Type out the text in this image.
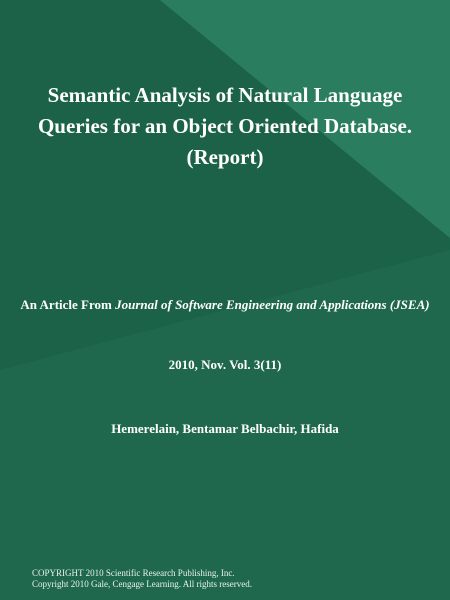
Semantic Analysis of Natural Language Queries for an Object Oriented Database. (Report)
An Article From Journal of Software Engineering and Applications (JSEA)
2010, Nov. Vol. 3(11)
Hemerelain, Bentamar Belbachir, Hafida
COPYRIGHT 2010 Scientific Research Publishing, Inc.
Copyright 2010 Gale, Cengage Learning. All rights reserved.
